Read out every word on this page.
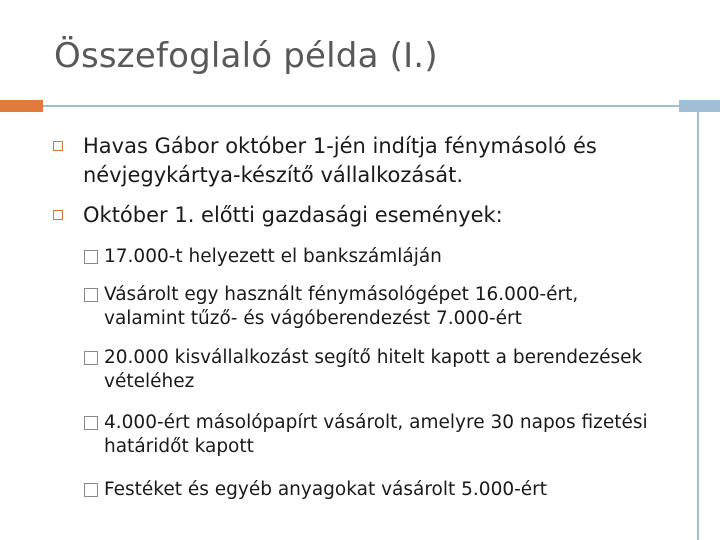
Összefoglaló példa (I.)
Havas Gábor október 1-jén indítja fénymásoló és névjegykártya-készítő vállalkozását.
Október 1. előtti gazdasági események:
17.000-t helyezett el bankszámláján
Vásárolt egy használt fénymásológépet 16.000-ért, valamint tűző- és vágóberendezést 7.000-ért
20.000 kisvállalkozást segítő hitelt kapott a berendezések vételéhez
4.000-ért másolópapírt vásárolt, amelyre 30 napos fizetési határidőt kapott
Festéket és egyéb anyagokat vásárolt 5.000-ért
